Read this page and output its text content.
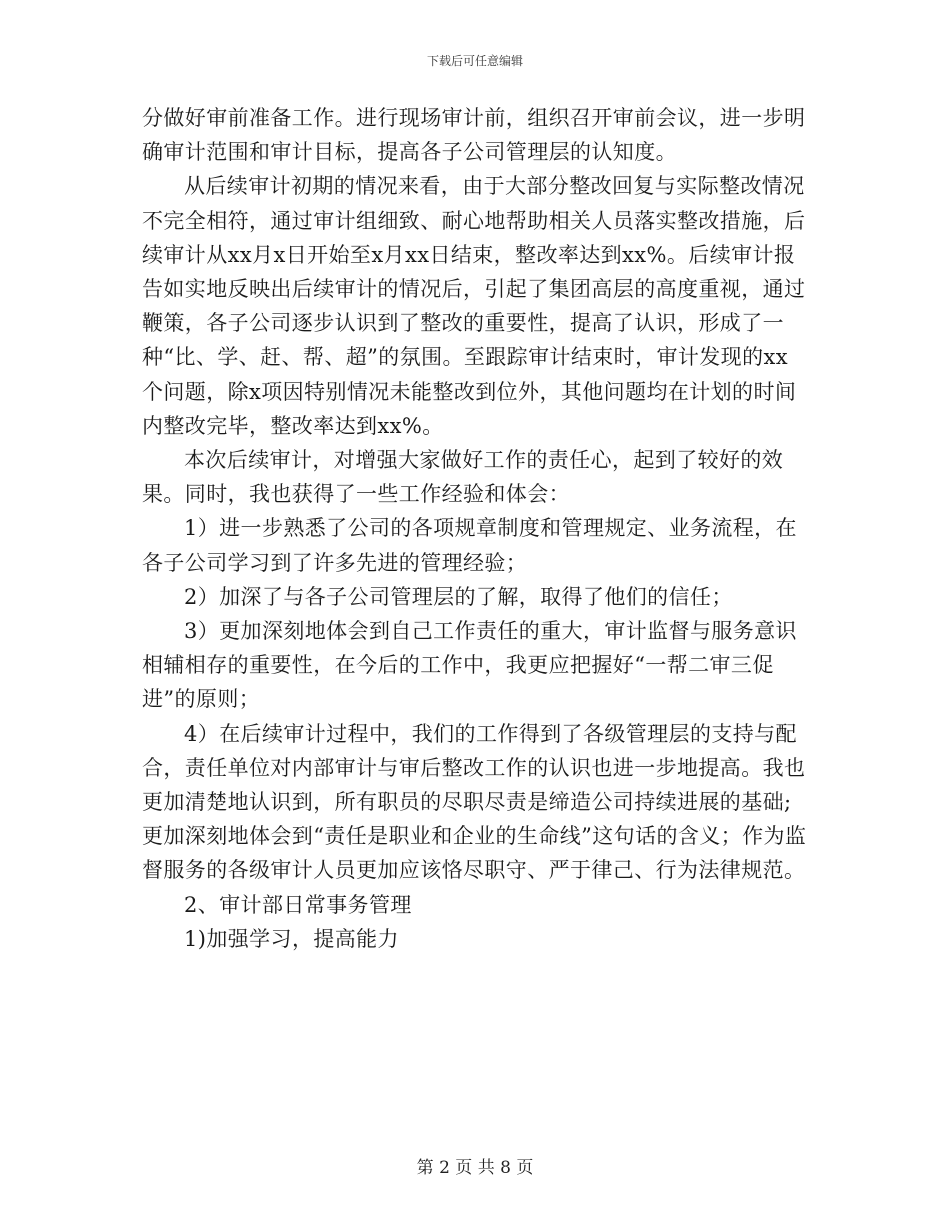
下载后可任意编辑

分做好审前准备工作。进行现场审计前，组织召开审前会议，进一步明确审计范围和审计目标，提高各子公司管理层的认知度。

从后续审计初期的情况来看，由于大部分整改回复与实际整改情况不完全相符，通过审计组细致、耐心地帮助相关人员落实整改措施，后续审计从xx月x日开始至x月xx日结束，整改率达到xx%。后续审计报告如实地反映出后续审计的情况后，引起了集团高层的高度重视，通过鞭策，各子公司逐步认识到了整改的重要性，提高了认识，形成了一种“比、学、赶、帮、超”的氛围。至跟踪审计结束时，审计发现的xx个问题，除x项因特别情况未能整改到位外，其他问题均在计划的时间内整改完毕，整改率达到xx%。

本次后续审计，对增强大家做好工作的责任心，起到了较好的效果。同时，我也获得了一些工作经验和体会：

1）进一步熟悉了公司的各项规章制度和管理规定、业务流程，在各子公司学习到了许多先进的管理经验；

2）加深了与各子公司管理层的了解，取得了他们的信任；

3）更加深刻地体会到自己工作责任的重大，审计监督与服务意识相辅相存的重要性，在今后的工作中，我更应把握好“一帮二审三促进”的原则；

4）在后续审计过程中，我们的工作得到了各级管理层的支持与配合，责任单位对内部审计与审后整改工作的认识也进一步地提高。我也更加清楚地认识到，所有职员的尽职尽责是缔造公司持续进展的基础;更加深刻地体会到“责任是职业和企业的生命线”这句话的含义；作为监督服务的各级审计人员更加应该恪尽职守、严于律己、行为法律规范。

2、审计部日常事务管理

1)加强学习，提高能力

第 2 页 共 8 页
